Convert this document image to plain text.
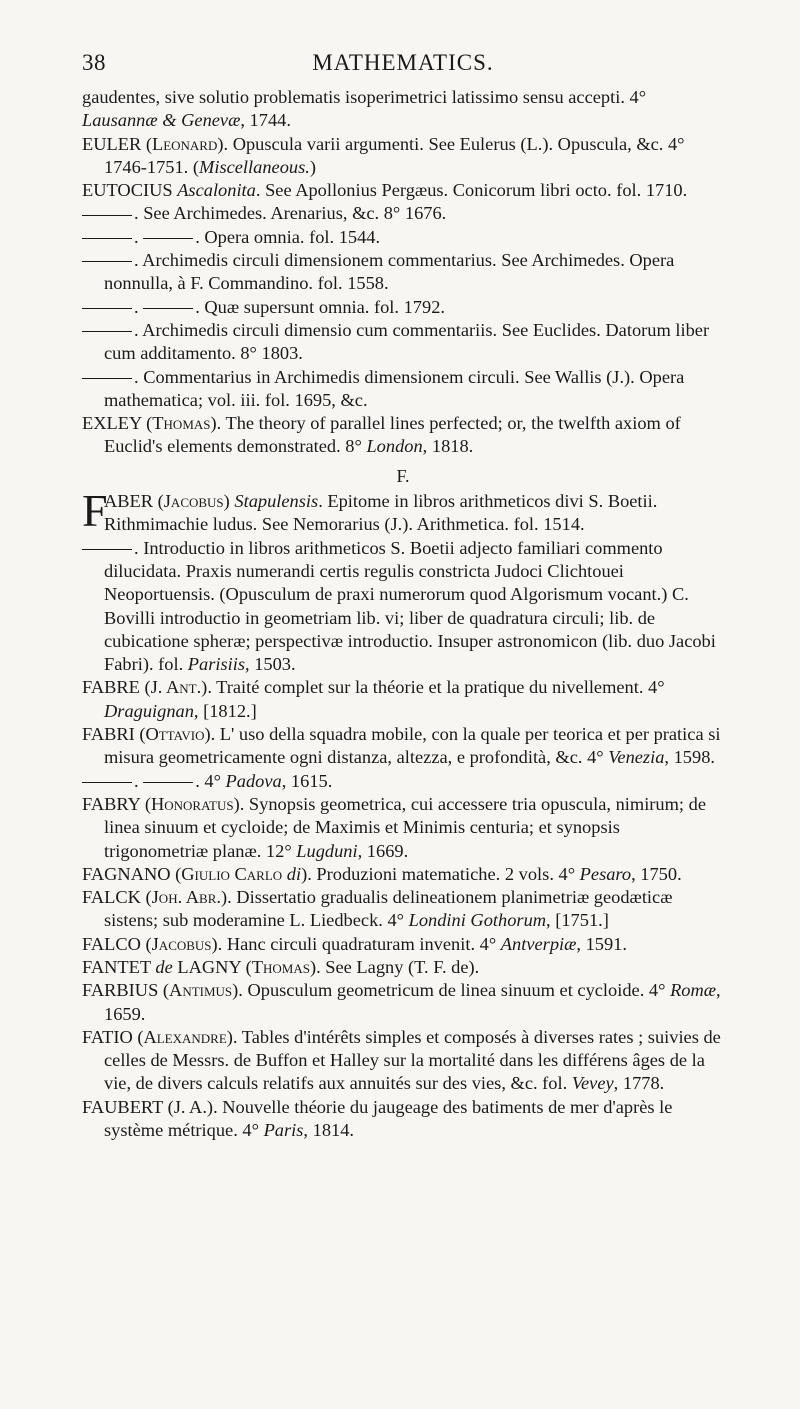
38	MATHEMATICS.

gaudentes, sive solutio problematis isoperimetrici latissimo sensu accepti. 4° Lausannæ & Genevæ, 1744.

EULER (Leonard). Opuscula varii argumenti. See Eulerus (L.). Opuscula, &c. 4° 1746-1751. (Miscellaneous.)

EUTOCIUS Ascalonita. See Apollonius Pergæus. Conicorum libri octo. fol. 1710.

. See Archimedes. Arenarius, &c. 8° 1676.

.	. Opera omnia. fol. 1544.

. Archimedis circuli dimensionem commentarius. See Archimedes. Opera nonnulla, à F. Commandino. fol. 1558.

.	. Quæ supersunt omnia. fol. 1792.

. Archimedis circuli dimensio cum commentariis. See Euclides. Datorum liber cum additamento. 8° 1803.

. Commentarius in Archimedis dimensionem circuli. See Wallis (J.). Opera mathematica; vol. iii. fol. 1695, &c.

EXLEY (Thomas). The theory of parallel lines perfected; or, the twelfth axiom of Euclid's elements demonstrated. 8° London, 1818.

F.

F
ABER (Jacobus) Stapulensis. Epitome in libros arithmeticos divi S. Boetii. Rithmimachie ludus. See Nemorarius (J.). Arithmetica. fol. 1514.

. Introductio in libros arithmeticos S. Boetii adjecto familiari commento dilucidata. Praxis numerandi certis regulis constricta Judoci Clichtouei Neoportuensis. (Opusculum de praxi numerorum quod Algorismum vocant.) C. Bovilli introductio in geometriam lib. vi; liber de quadratura circuli; lib. de cubicatione spheræ; perspectivæ introductio. Insuper astronomicon (lib. duo Jacobi Fabri). fol. Parisiis, 1503.

FABRE (J. Ant.). Traité complet sur la théorie et la pratique du nivellement. 4° Draguignan, [1812.]

FABRI (Ottavio). L' uso della squadra mobile, con la quale per teorica et per pratica si misura geometricamente ogni distanza, altezza, e profondità, &c. 4° Venezia, 1598.

.	. 4° Padova, 1615.

FABRY (Honoratus). Synopsis geometrica, cui accessere tria opuscula, nimirum; de linea sinuum et cycloide; de Maximis et Minimis centuria; et synopsis trigonometriæ planæ. 12° Lugduni, 1669.

FAGNANO (Giulio Carlo di). Produzioni matematiche. 2 vols. 4° Pesaro, 1750.

FALCK (Joh. Abr.). Dissertatio gradualis delineationem planimetriæ geodæticæ sistens; sub moderamine L. Liedbeck. 4° Londini Gothorum, [1751.]

FALCO (Jacobus). Hanc circuli quadraturam invenit. 4° Antverpiæ, 1591.

FANTET de LAGNY (Thomas). See Lagny (T. F. de).

FARBIUS (Antimus). Opusculum geometricum de linea sinuum et cycloide. 4° Romæ, 1659.

FATIO (Alexandre). Tables d'intérêts simples et composés à diverses rates ; suivies de celles de Messrs. de Buffon et Halley sur la mortalité dans les différens âges de la vie, de divers calculs relatifs aux annuités sur des vies, &c. fol. Vevey, 1778.

FAUBERT (J. A.). Nouvelle théorie du jaugeage des batiments de mer d'après le système métrique. 4° Paris, 1814.
